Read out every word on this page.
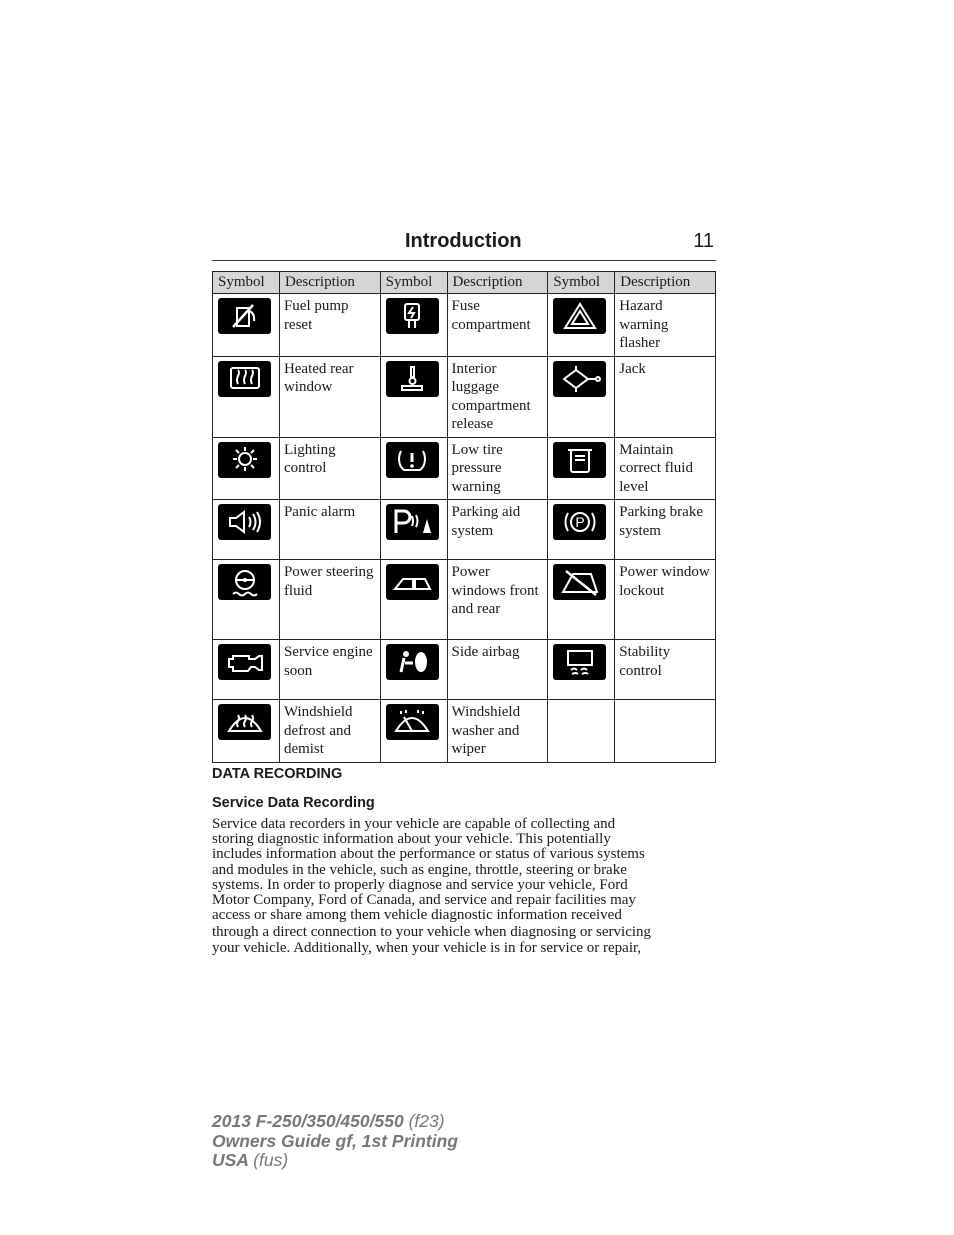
Introduction	11
Symbol	Description	Symbol	Description	Symbol	Description

	Fuel pump reset		Fuse compartment		Hazard warning flasher

	Heated rear window		Interior luggage compartment release		Jack

	Lighting control		Low tire pressure warning		Maintain correct fluid level

	Panic alarm		Parking aid system	P	Parking brake system

	Power steering fluid		Power windows front and rear		Power window lockout

	Service engine soon		Side airbag		Stability control

	Windshield defrost and demist		Windshield washer and wiper		
DATA RECORDING
Service Data Recording
Service data recorders in your vehicle are capable of collecting and
storing diagnostic information about your vehicle. This potentially
includes information about the performance or status of various systems
and modules in the vehicle, such as engine, throttle, steering or brake
systems. In order to properly diagnose and service your vehicle, Ford
Motor Company, Ford of Canada, and service and repair facilities may
access or share among them vehicle diagnostic information received
through a direct connection to your vehicle when diagnosing or servicing
your vehicle. Additionally, when your vehicle is in for service or repair,
2013 F-250/350/450/550 (f23)
Owners Guide gf, 1st Printing
USA (fus)
